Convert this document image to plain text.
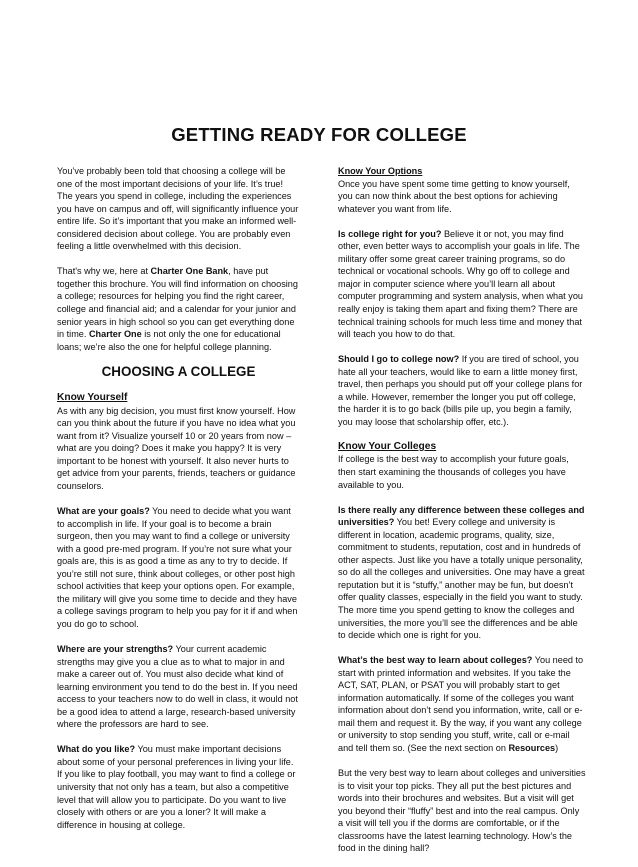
GETTING READY FOR COLLEGE

You’ve probably been told that choosing a college will be one of the most important decisions of your life. It’s true! The years you spend in college, including the experiences you have on campus and off, will significantly influence your entire life. So it’s important that you make an informed well-considered decision about college. You are probably even feeling a little overwhelmed with this decision.

That's why we, here at Charter One Bank, have put together this brochure. You will find information on choosing a college; resources for helping you find the right career, college and financial aid; and a calendar for your junior and senior years in high school so you can get everything done in time. Charter One is not only the one for educational loans; we’re also the one for helpful college planning.

CHOOSING A COLLEGE
Know Yourself

As with any big decision, you must first know yourself. How can you think about the future if you have no idea what you want from it? Visualize yourself 10 or 20 years from now – what are you doing? Does it make you happy? It is very important to be honest with yourself. It also never hurts to get advice from your parents, friends, teachers or guidance counselors.

What are your goals? You need to decide what you want to accomplish in life. If your goal is to become a brain surgeon, then you may want to find a college or university with a good pre-med program. If you’re not sure what your goals are, this is as good a time as any to try to decide. If you’re still not sure, think about colleges, or other post high school activities that keep your options open. For example, the military will give you some time to decide and they have a college savings program to help you pay for it if and when you do go to school.

Where are your strengths? Your current academic strengths may give you a clue as to what to major in and make a career out of. You must also decide what kind of learning environment you tend to do the best in. If you need access to your teachers now to do well in class, it would not be a good idea to attend a large, research-based university where the professors are hard to see.

What do you like? You must make important decisions about some of your personal preferences in living your life. If you like to play football, you may want to find a college or university that not only has a team, but also a competitive level that will allow you to participate. Do you want to live closely with others or are you a loner? It will make a difference in housing at college.

Know Your Options

Once you have spent some time getting to know yourself, you can now think about the best options for achieving whatever you want from life.

Is college right for you? Believe it or not, you may find other, even better ways to accomplish your goals in life. The military offer some great career training programs, so do technical or vocational schools. Why go off to college and major in computer science where you’ll learn all about computer programming and system analysis, when what you really enjoy is taking them apart and fixing them? There are technical training schools for much less time and money that will teach you how to do that.

Should I go to college now? If you are tired of school, you hate all your teachers, would like to earn a little money first, travel, then perhaps you should put off your college plans for a while. However, remember the longer you put off college, the harder it is to go back (bills pile up, you begin a family, you may loose that scholarship offer, etc.).

Know Your Colleges

If college is the best way to accomplish your future goals, then start examining the thousands of colleges you have available to you.

Is there really any difference between these colleges and universities? You bet! Every college and university is different in location, academic programs, quality, size, commitment to students, reputation, cost and in hundreds of other aspects. Just like you have a totally unique personality, so do all the colleges and universities. One may have a great reputation but it is “stuffy,” another may be fun, but doesn’t offer quality classes, especially in the field you want to study. The more time you spend getting to know the colleges and universities, the more you’ll see the differences and be able to decide which one is right for you.

What’s the best way to learn about colleges? You need to start with printed information and websites. If you take the ACT, SAT, PLAN, or PSAT you will probably start to get information automatically. If some of the colleges you want information about don’t send you information, write, call or e-mail them and request it. By the way, if you want any college or university to stop sending you stuff, write, call or e-mail and tell them so. (See the next section on Resources)

But the very best way to learn about colleges and universities is to visit your top picks. They all put the best pictures and words into their brochures and websites. But a visit will get you beyond their “fluffy” best and into the real campus. Only a visit will tell you if the dorms are comfortable, or if the classrooms have the latest learning technology. How’s the food in the dining hall?
